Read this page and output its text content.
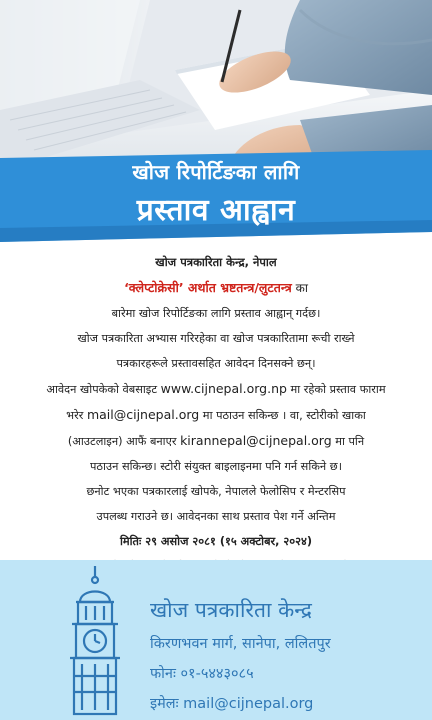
खोज रिपोर्टिङका लागि
प्रस्ताव आह्वान
खोज पत्रकारिता केन्द्र, नेपाल
‘क्लेप्टोक्रेसी’ अर्थात भ्रष्टतन्त्र/लुटतन्त्र का
बारेमा खोज रिपोर्टिङका लागि प्रस्ताव आह्वान् गर्दछ।
खोज पत्रकारिता अभ्यास गरिरहेका वा खोज पत्रकारितामा रूची राख्ने
पत्रकारहरूले प्रस्तावसहित आवेदन दिनसक्ने छन्।
आवेदन खोपकेको वेबसाइट www.cijnepal.org.np मा रहेको प्रस्ताव फाराम
भरेर mail@cijnepal.org मा पठाउन सकिन्छ । वा, स्टोरीको खाका
(आउटलाइन) आफैं बनाएर kirannepal@cijnepal.org मा पनि
पठाउन सकिन्छ। स्टोरी संयुक्त बाइलाइनमा पनि गर्न सकिने छ।
छनोट भएका पत्रकारलाई खोपके, नेपालले फेलोसिप र मेन्टरसिप
उपलब्ध गराउने छ। आवेदनका साथ प्रस्ताव पेश गर्ने अन्तिम
मितिः २९ असोज २०८१ (१५ अक्टोबर, २०२४)
खोज पत्रकारिता केन्द्र
किरणभवन मार्ग, सानेपा, ललितपुर
फोनः ०१-५४४३०८५
इमेलः mail@cijnepal.org
